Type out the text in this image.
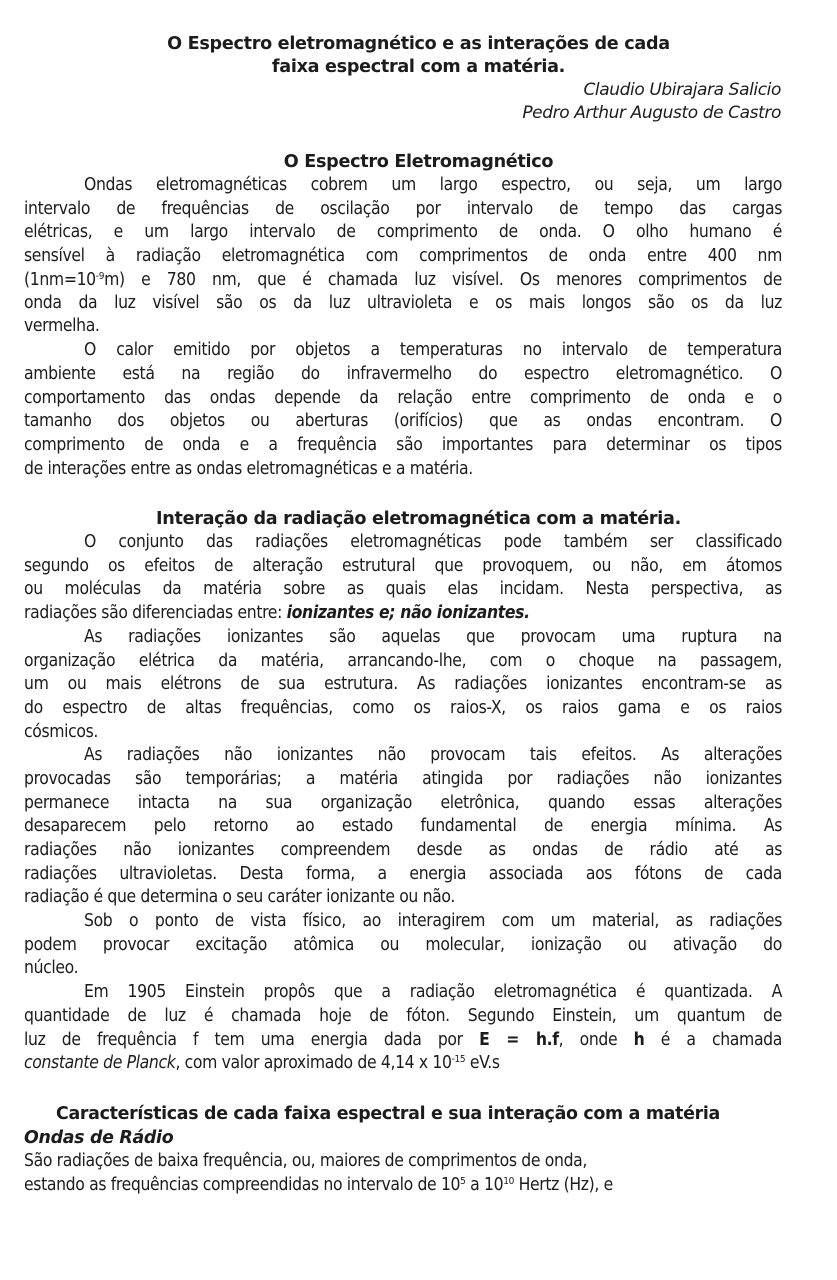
O Espectro eletromagnético e as interações de cada
faixa espectral com a matéria.
Claudio Ubirajara Salicio
Pedro Arthur Augusto de Castro
O Espectro Eletromagnético
Ondas eletromagnéticas cobrem um largo espectro, ou seja, um largo
intervalo de frequências de oscilação por intervalo de tempo das cargas
elétricas, e um largo intervalo de comprimento de onda. O olho humano é
sensível à radiação eletromagnética com comprimentos de onda entre 400 nm
$(1nm=10^{-9}m)$ e 780 nm, que é chamada luz visível. Os menores comprimentos de
onda da luz visível são os da luz ultravioleta e os mais longos são os da luz
vermelha.
O calor emitido por objetos a temperaturas no intervalo de temperatura
ambiente está na região do infravermelho do espectro eletromagnético. O
comportamento das ondas depende da relação entre comprimento de onda e o
tamanho dos objetos ou aberturas (orifícios) que as ondas encontram. O
comprimento de onda e a frequência são importantes para determinar os tipos
de interações entre as ondas eletromagnéticas e a matéria.
Interação da radiação eletromagnética com a matéria.
O conjunto das radiações eletromagnéticas pode também ser classificado
segundo os efeitos de alteração estrutural que provoquem, ou não, em átomos
ou moléculas da matéria sobre as quais elas incidam. Nesta perspectiva, as
radiações são diferenciadas entre: ionizantes e; não ionizantes.
As radiações ionizantes são aquelas que provocam uma ruptura na
organização elétrica da matéria, arrancando-lhe, com o choque na passagem,
um ou mais elétrons de sua estrutura. As radiações ionizantes encontram-se as
do espectro de altas frequências, como os raios-X, os raios gama e os raios
cósmicos.
As radiações não ionizantes não provocam tais efeitos. As alterações
provocadas são temporárias; a matéria atingida por radiações não ionizantes
permanece intacta na sua organização eletrônica, quando essas alterações
desaparecem pelo retorno ao estado fundamental de energia mínima. As
radiações não ionizantes compreendem desde as ondas de rádio até as
radiações ultravioletas. Desta forma, a energia associada aos fótons de cada
radiação é que determina o seu caráter ionizante ou não.
Sob o ponto de vista físico, ao interagirem com um material, as radiações
podem provocar excitação atômica ou molecular, ionização ou ativação do
núcleo.
Em 1905 Einstein propôs que a radiação eletromagnética é quantizada. A
quantidade de luz é chamada hoje de fóton. Segundo Einstein, um quantum de
luz de frequência f tem uma energia dada por E = h.f, onde h é a chamada
constante de Planck, com valor aproximado de 4,14 x $10^{-15}$ eV.s
Características de cada faixa espectral e sua interação com a matéria
Ondas de Rádio
São radiações de baixa frequência, ou, maiores de comprimentos de onda,
estando as frequências compreendidas no intervalo de $10^5$ a $10^{10}$ Hertz (Hz), e
